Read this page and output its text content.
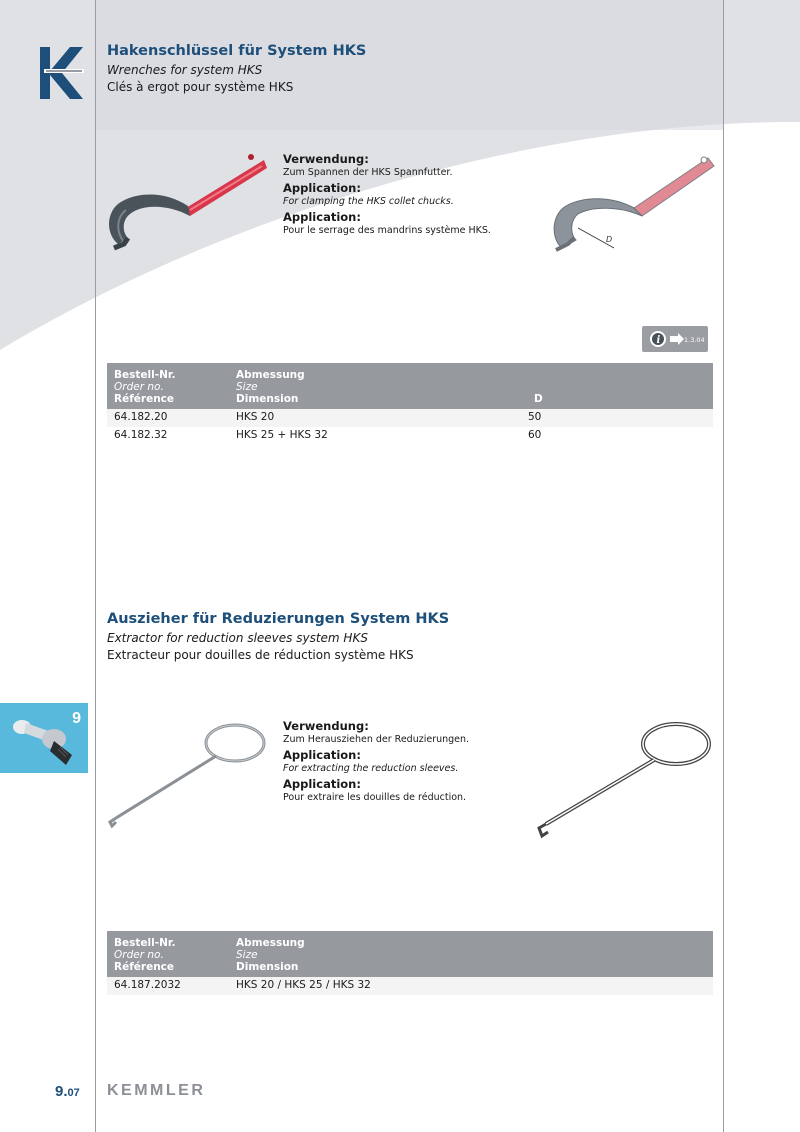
Hakenschlüssel für System HKS
Wrenches for system HKS
Clés à ergot pour système HKS
Verwendung:
Zum Spannen der HKS Spannfutter.
Application:
For clamping the HKS collet chucks.
Application:
Pour le serrage des mandrins système HKS.
D
i	1.3.04
Bestell-Nr.
Order no.
Référence
Abmessung
Size
Dimension	D
64.182.20	HKS 20	50
64.182.32	HKS 25 + HKS 32	60
Auszieher für Reduzierungen System HKS
Extractor for reduction sleeves system HKS
Extracteur pour douilles de réduction système HKS
Verwendung:
Zum Herausziehen der Reduzierungen.
Application:
For extracting the reduction sleeves.
Application:
Pour extraire les douilles de réduction.
Bestell-Nr.
Order no.
Référence
Abmessung
Size
Dimension
64.187.2032	HKS 20 / HKS 25 / HKS 32
9
9.07 KEMMLER
